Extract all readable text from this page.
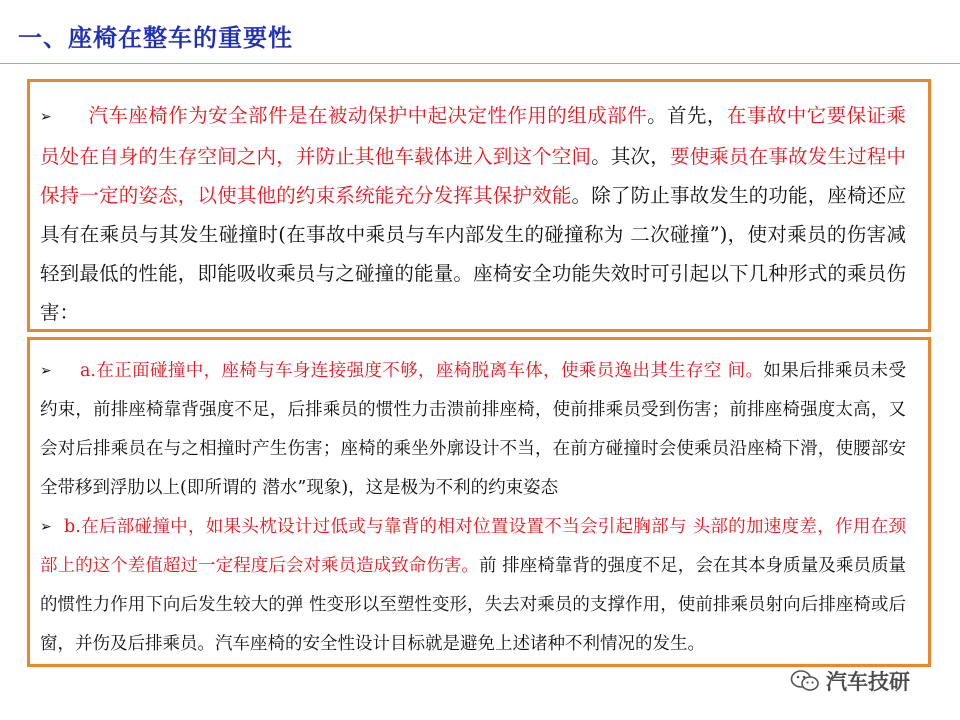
一、座椅在整车的重要性

➢ 汽车座椅作为安全部件是在被动保护中起决定性作用的组成部件。首先，在事故中它要保证乘员处在自身的生存空间之内，并防止其他车载体进入到这个空间。其次，要使乘员在事故发生过程中保持一定的姿态，以使其他的约束系统能充分发挥其保护效能。除了防止事故发生的功能，座椅还应具有在乘员与其发生碰撞时(在事故中乘员与车内部发生的碰撞称为 二次碰撞”)，使对乘员的伤害减轻到最低的性能，即能吸收乘员与之碰撞的能量。座椅安全功能失效时可引起以下几种形式的乘员伤害：

➢ a.在正面碰撞中，座椅与车身连接强度不够，座椅脱离车体，使乘员逸出其生存空 间。如果后排乘员未受约束，前排座椅靠背强度不足，后排乘员的惯性力击溃前排座椅，使前排乘员受到伤害；前排座椅强度太高，又会对后排乘员在与之相撞时产生伤害；座椅的乘坐外廓设计不当，在前方碰撞时会使乘员沿座椅下滑，使腰部安全带移到浮肋以上(即所谓的 潜水”现象)，这是极为不利的约束姿态

➢ b.在后部碰撞中，如果头枕设计过低或与靠背的相对位置设置不当会引起胸部与 头部的加速度差，作用在颈部上的这个差值超过一定程度后会对乘员造成致命伤害。前 排座椅靠背的强度不足，会在其本身质量及乘员质量的惯性力作用下向后发生较大的弹 性变形以至塑性变形，失去对乘员的支撑作用，使前排乘员射向后排座椅或后窗，并伤及后排乘员。汽车座椅的安全性设计目标就是避免上述诸种不利情况的发生。

汽车技研
